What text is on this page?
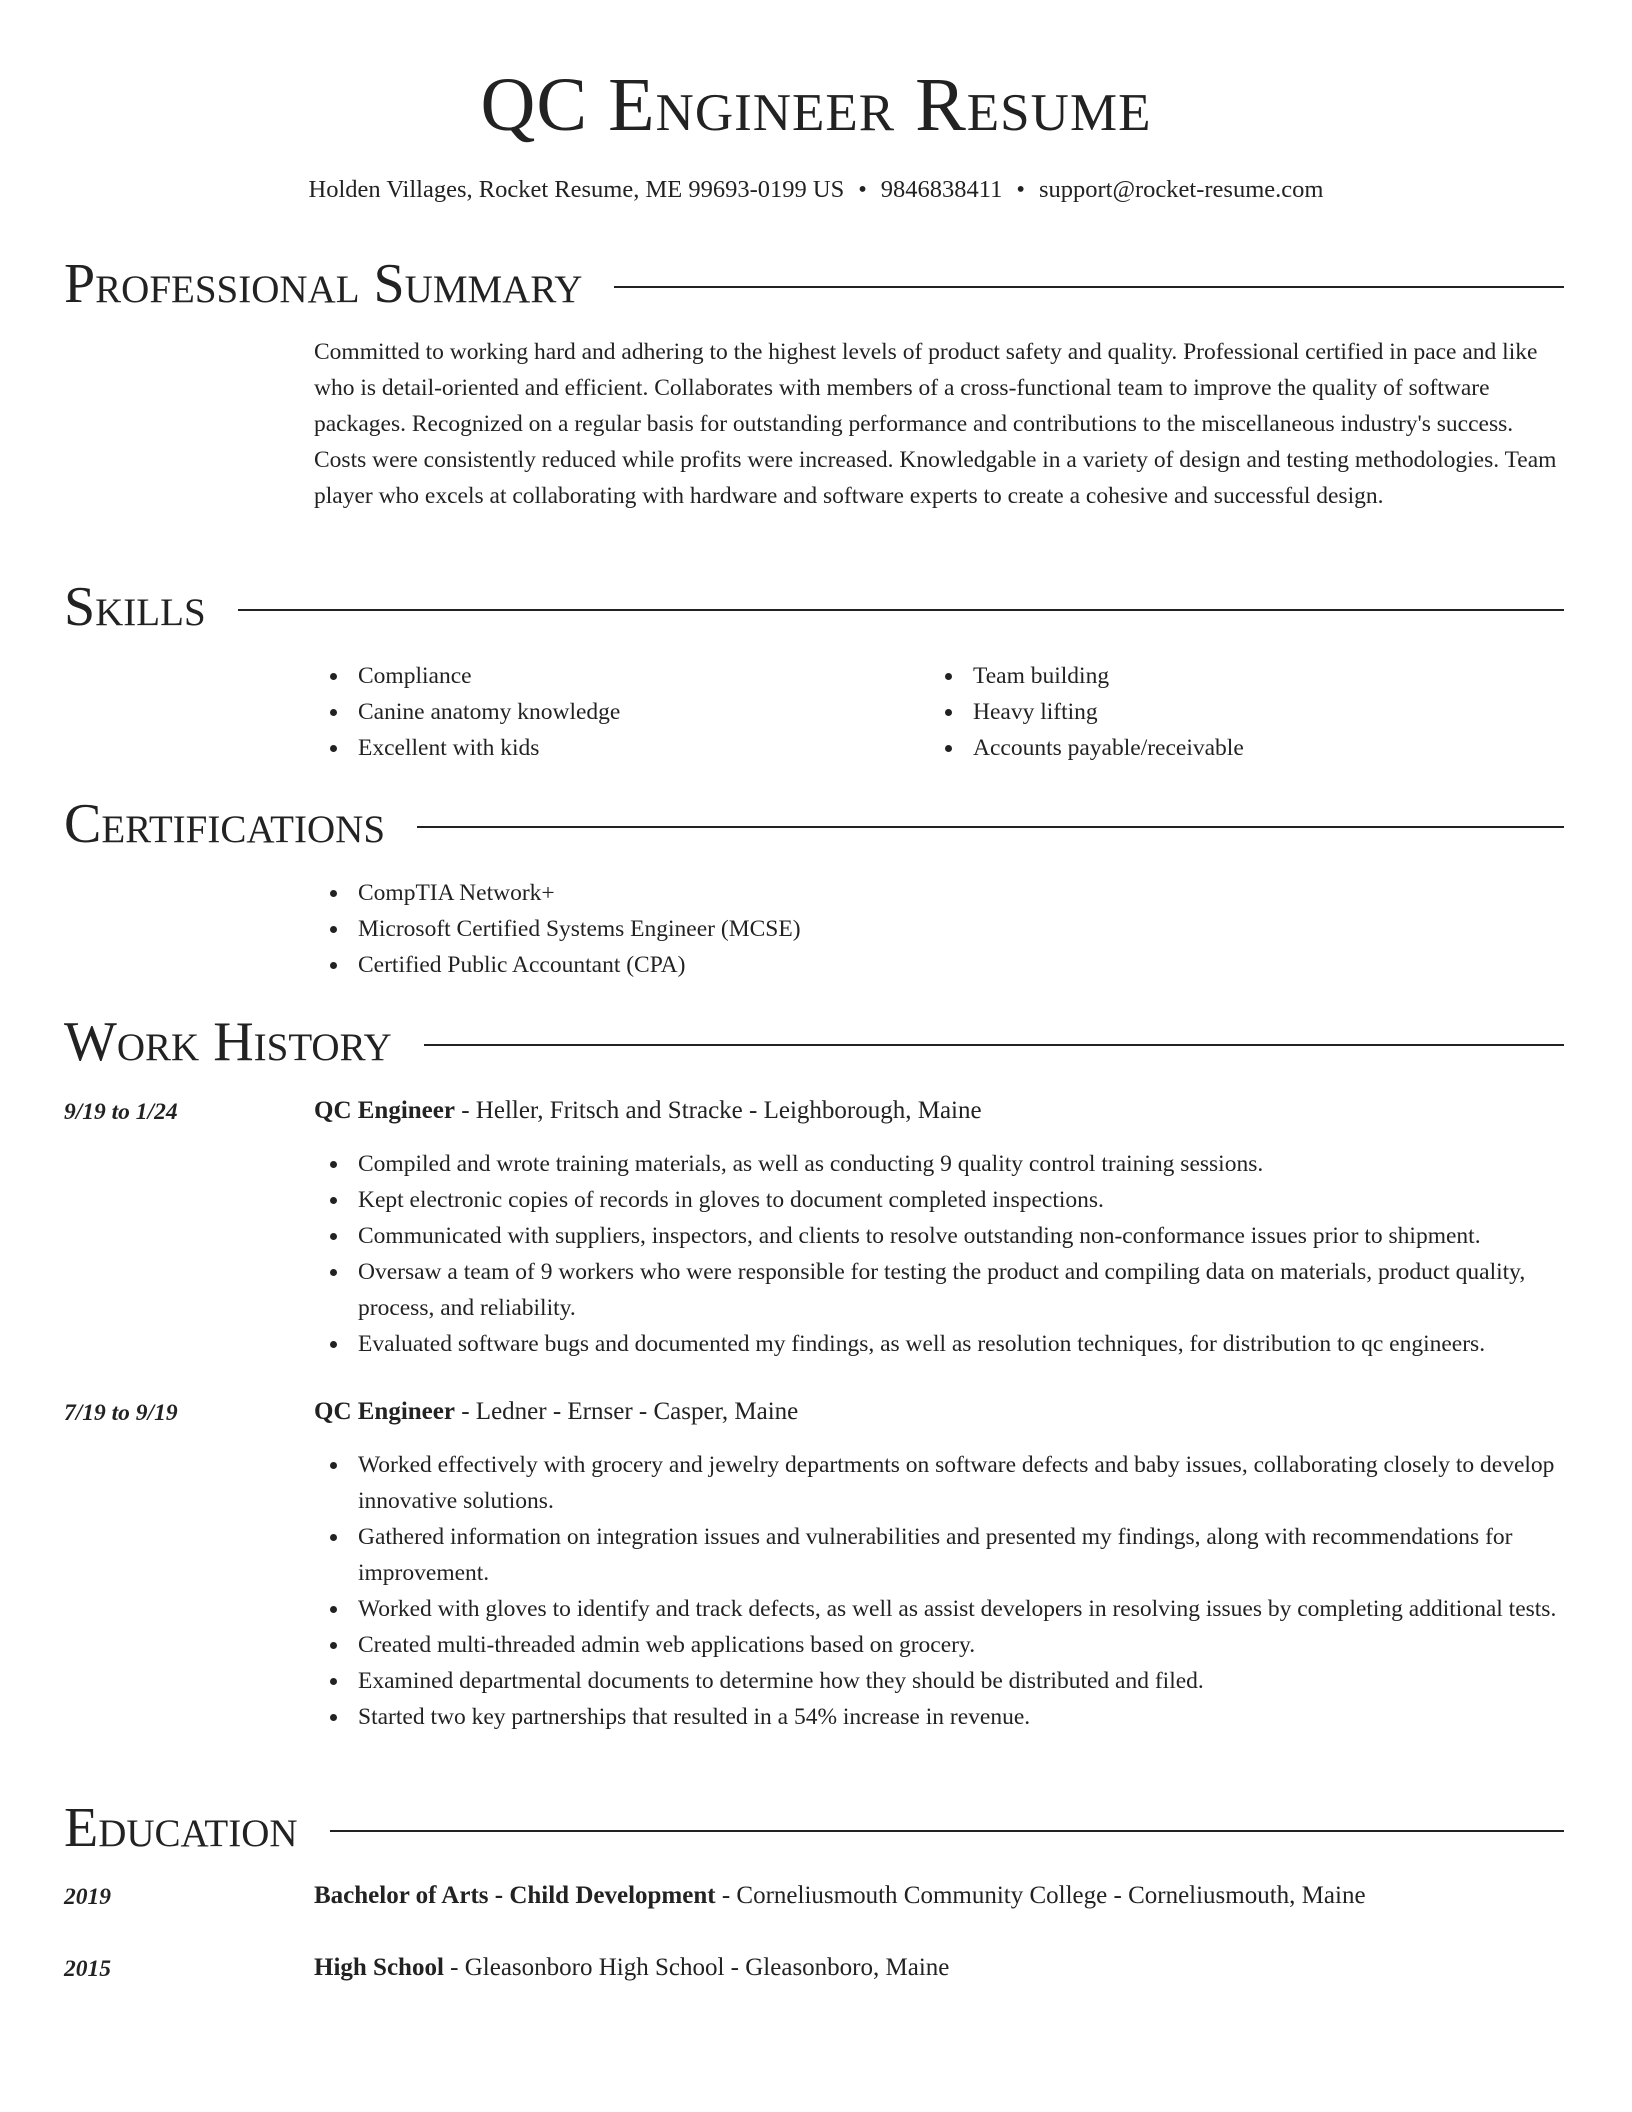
QC Engineer Resume
Holden Villages, Rocket Resume, ME 99693-0199 US • 9846838411 • support@rocket-resume.com
Professional Summary
Committed to working hard and adhering to the highest levels of product safety and quality. Professional certified in pace and like who is detail-oriented and efficient. Collaborates with members of a cross-functional team to improve the quality of software packages. Recognized on a regular basis for outstanding performance and contributions to the miscellaneous industry's success. Costs were consistently reduced while profits were increased. Knowledgable in a variety of design and testing methodologies. Team player who excels at collaborating with hardware and software experts to create a cohesive and successful design.
Skills
Compliance
Canine anatomy knowledge
Excellent with kids
Team building
Heavy lifting
Accounts payable/receivable
Certifications
CompTIA Network+
Microsoft Certified Systems Engineer (MCSE)
Certified Public Accountant (CPA)
Work History
9/19 to 1/24	QC Engineer - Heller, Fritsch and Stracke - Leighborough, Maine
Compiled and wrote training materials, as well as conducting 9 quality control training sessions.
Kept electronic copies of records in gloves to document completed inspections.
Communicated with suppliers, inspectors, and clients to resolve outstanding non-conformance issues prior to shipment.
Oversaw a team of 9 workers who were responsible for testing the product and compiling data on materials, product quality, process, and reliability.
Evaluated software bugs and documented my findings, as well as resolution techniques, for distribution to qc engineers.
7/19 to 9/19	QC Engineer - Ledner - Ernser - Casper, Maine
Worked effectively with grocery and jewelry departments on software defects and baby issues, collaborating closely to develop innovative solutions.
Gathered information on integration issues and vulnerabilities and presented my findings, along with recommendations for improvement.
Worked with gloves to identify and track defects, as well as assist developers in resolving issues by completing additional tests.
Created multi-threaded admin web applications based on grocery.
Examined departmental documents to determine how they should be distributed and filed.
Started two key partnerships that resulted in a 54% increase in revenue.
Education
2019	Bachelor of Arts - Child Development - Corneliusmouth Community College - Corneliusmouth, Maine
2015	High School - Gleasonboro High School - Gleasonboro, Maine
